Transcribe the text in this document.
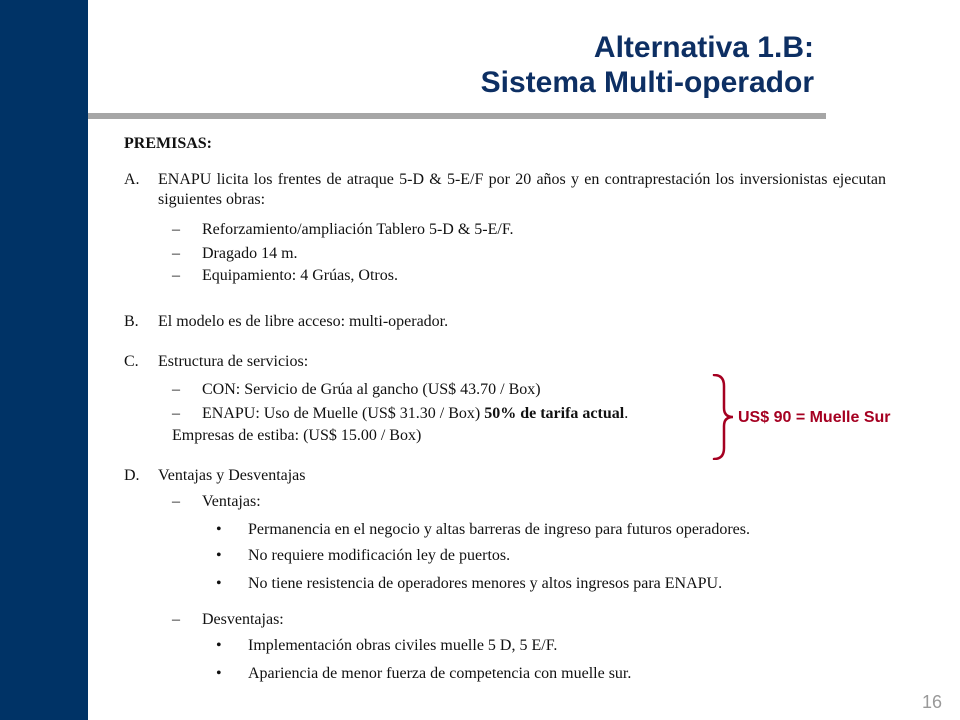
Alternativa 1.B:
Sistema Multi-operador
PREMISAS:
A. ENAPU licita los frentes de atraque 5-D & 5-E/F por 20 años y en contraprestación los inversionistas ejecutan siguientes obras:
– Reforzamiento/ampliación Tablero 5-D & 5-E/F.
– Dragado 14 m.
– Equipamiento: 4 Grúas, Otros.
B. El modelo es de libre acceso: multi-operador.
C. Estructura de servicios:
– CON: Servicio de Grúa al gancho (US$ 43.70 / Box)
– ENAPU: Uso de Muelle (US$ 31.30 / Box) 50% de tarifa actual.
Empresas de estiba: (US$ 15.00 / Box)
US$ 90 = Muelle Sur
D. Ventajas y Desventajas
– Ventajas:
• Permanencia en el negocio y altas barreras de ingreso para futuros operadores.
• No requiere modificación ley de puertos.
• No tiene resistencia de operadores menores y altos ingresos para ENAPU.
– Desventajas:
• Implementación obras civiles muelle 5 D, 5 E/F.
• Apariencia de menor fuerza de competencia con muelle sur.
16
